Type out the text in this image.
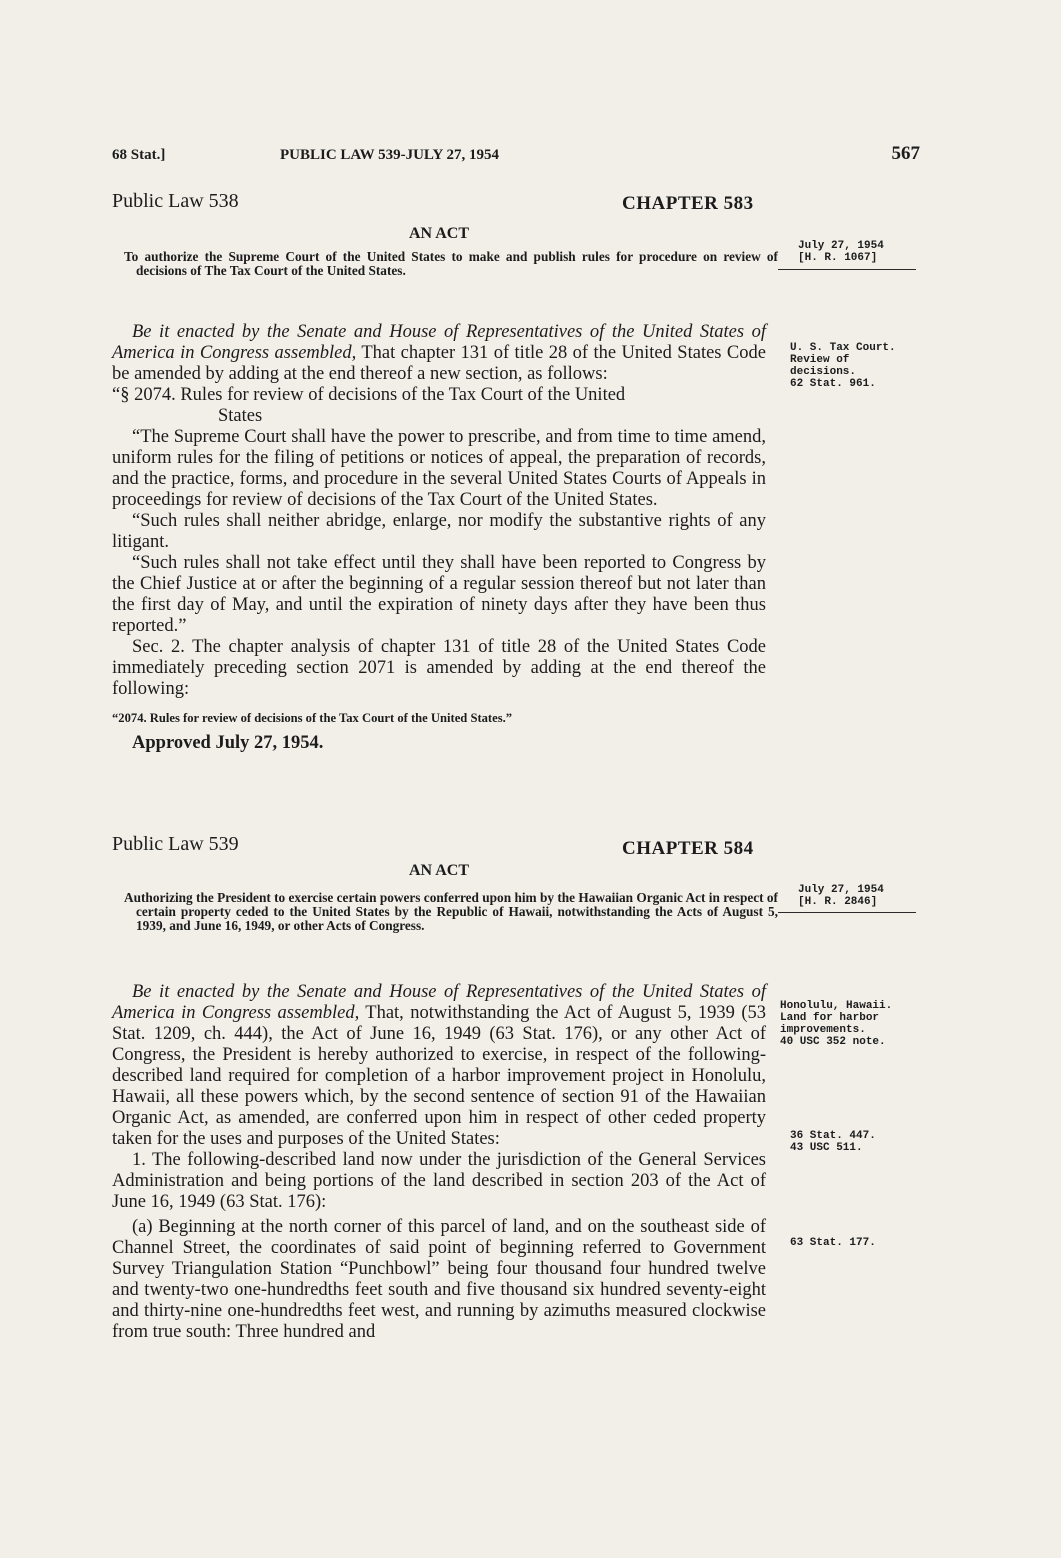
68 Stat.]	PUBLIC LAW 539-JULY 27, 1954	567
Public Law 538	CHAPTER 583
AN ACT
To authorize the Supreme Court of the United States to make and publish rules for procedure on review of decisions of The Tax Court of the United States.

Be it enacted by the Senate and House of Representatives of the United States of America in Congress assembled, That chapter 131 of title 28 of the United States Code be amended by adding at the end thereof a new section, as follows:

“§ 2074. Rules for review of decisions of the Tax Court of the United
States

“The Supreme Court shall have the power to prescribe, and from time to time amend, uniform rules for the filing of petitions or notices of appeal, the preparation of records, and the practice, forms, and procedure in the several United States Courts of Appeals in proceedings for review of decisions of the Tax Court of the United States.

“Such rules shall neither abridge, enlarge, nor modify the substantive rights of any litigant.

“Such rules shall not take effect until they shall have been reported to Congress by the Chief Justice at or after the beginning of a regular session thereof but not later than the first day of May, and until the expiration of ninety days after they have been thus reported.”

Sec. 2. The chapter analysis of chapter 131 of title 28 of the United States Code immediately preceding section 2071 is amended by adding at the end thereof the following:

“2074. Rules for review of decisions of the Tax Court of the United States.”

Approved July 27, 1954.

July 27, 1954
[H. R. 1067]
U. S. Tax Court.
Review of decisions.
62 Stat. 961.
Public Law 539	CHAPTER 584
AN ACT
Authorizing the President to exercise certain powers conferred upon him by the Hawaiian Organic Act in respect of certain property ceded to the United States by the Republic of Hawaii, notwithstanding the Acts of August 5, 1939, and June 16, 1949, or other Acts of Congress.

Be it enacted by the Senate and House of Representatives of the United States of America in Congress assembled, That, notwithstanding the Act of August 5, 1939 (53 Stat. 1209, ch. 444), the Act of June 16, 1949 (63 Stat. 176), or any other Act of Congress, the President is hereby authorized to exercise, in respect of the following-described land required for completion of a harbor improvement project in Honolulu, Hawaii, all these powers which, by the second sentence of section 91 of the Hawaiian Organic Act, as amended, are conferred upon him in respect of other ceded property taken for the uses and purposes of the United States:

1. The following-described land now under the jurisdiction of the General Services Administration and being portions of the land described in section 203 of the Act of June 16, 1949 (63 Stat. 176):

(a) Beginning at the north corner of this parcel of land, and on the southeast side of Channel Street, the coordinates of said point of beginning referred to Government Survey Triangulation Station “Punchbowl” being four thousand four hundred twelve and twenty-two one-hundredths feet south and five thousand six hundred seventy-eight and thirty-nine one-hundredths feet west, and running by azimuths measured clockwise from true south: Three hundred and

July 27, 1954
[H. R. 2846]
Honolulu, Hawaii.
Land for harbor improvements.
40 USC 352 note.
36 Stat. 447.
43 USC 511.
63 Stat. 177.
